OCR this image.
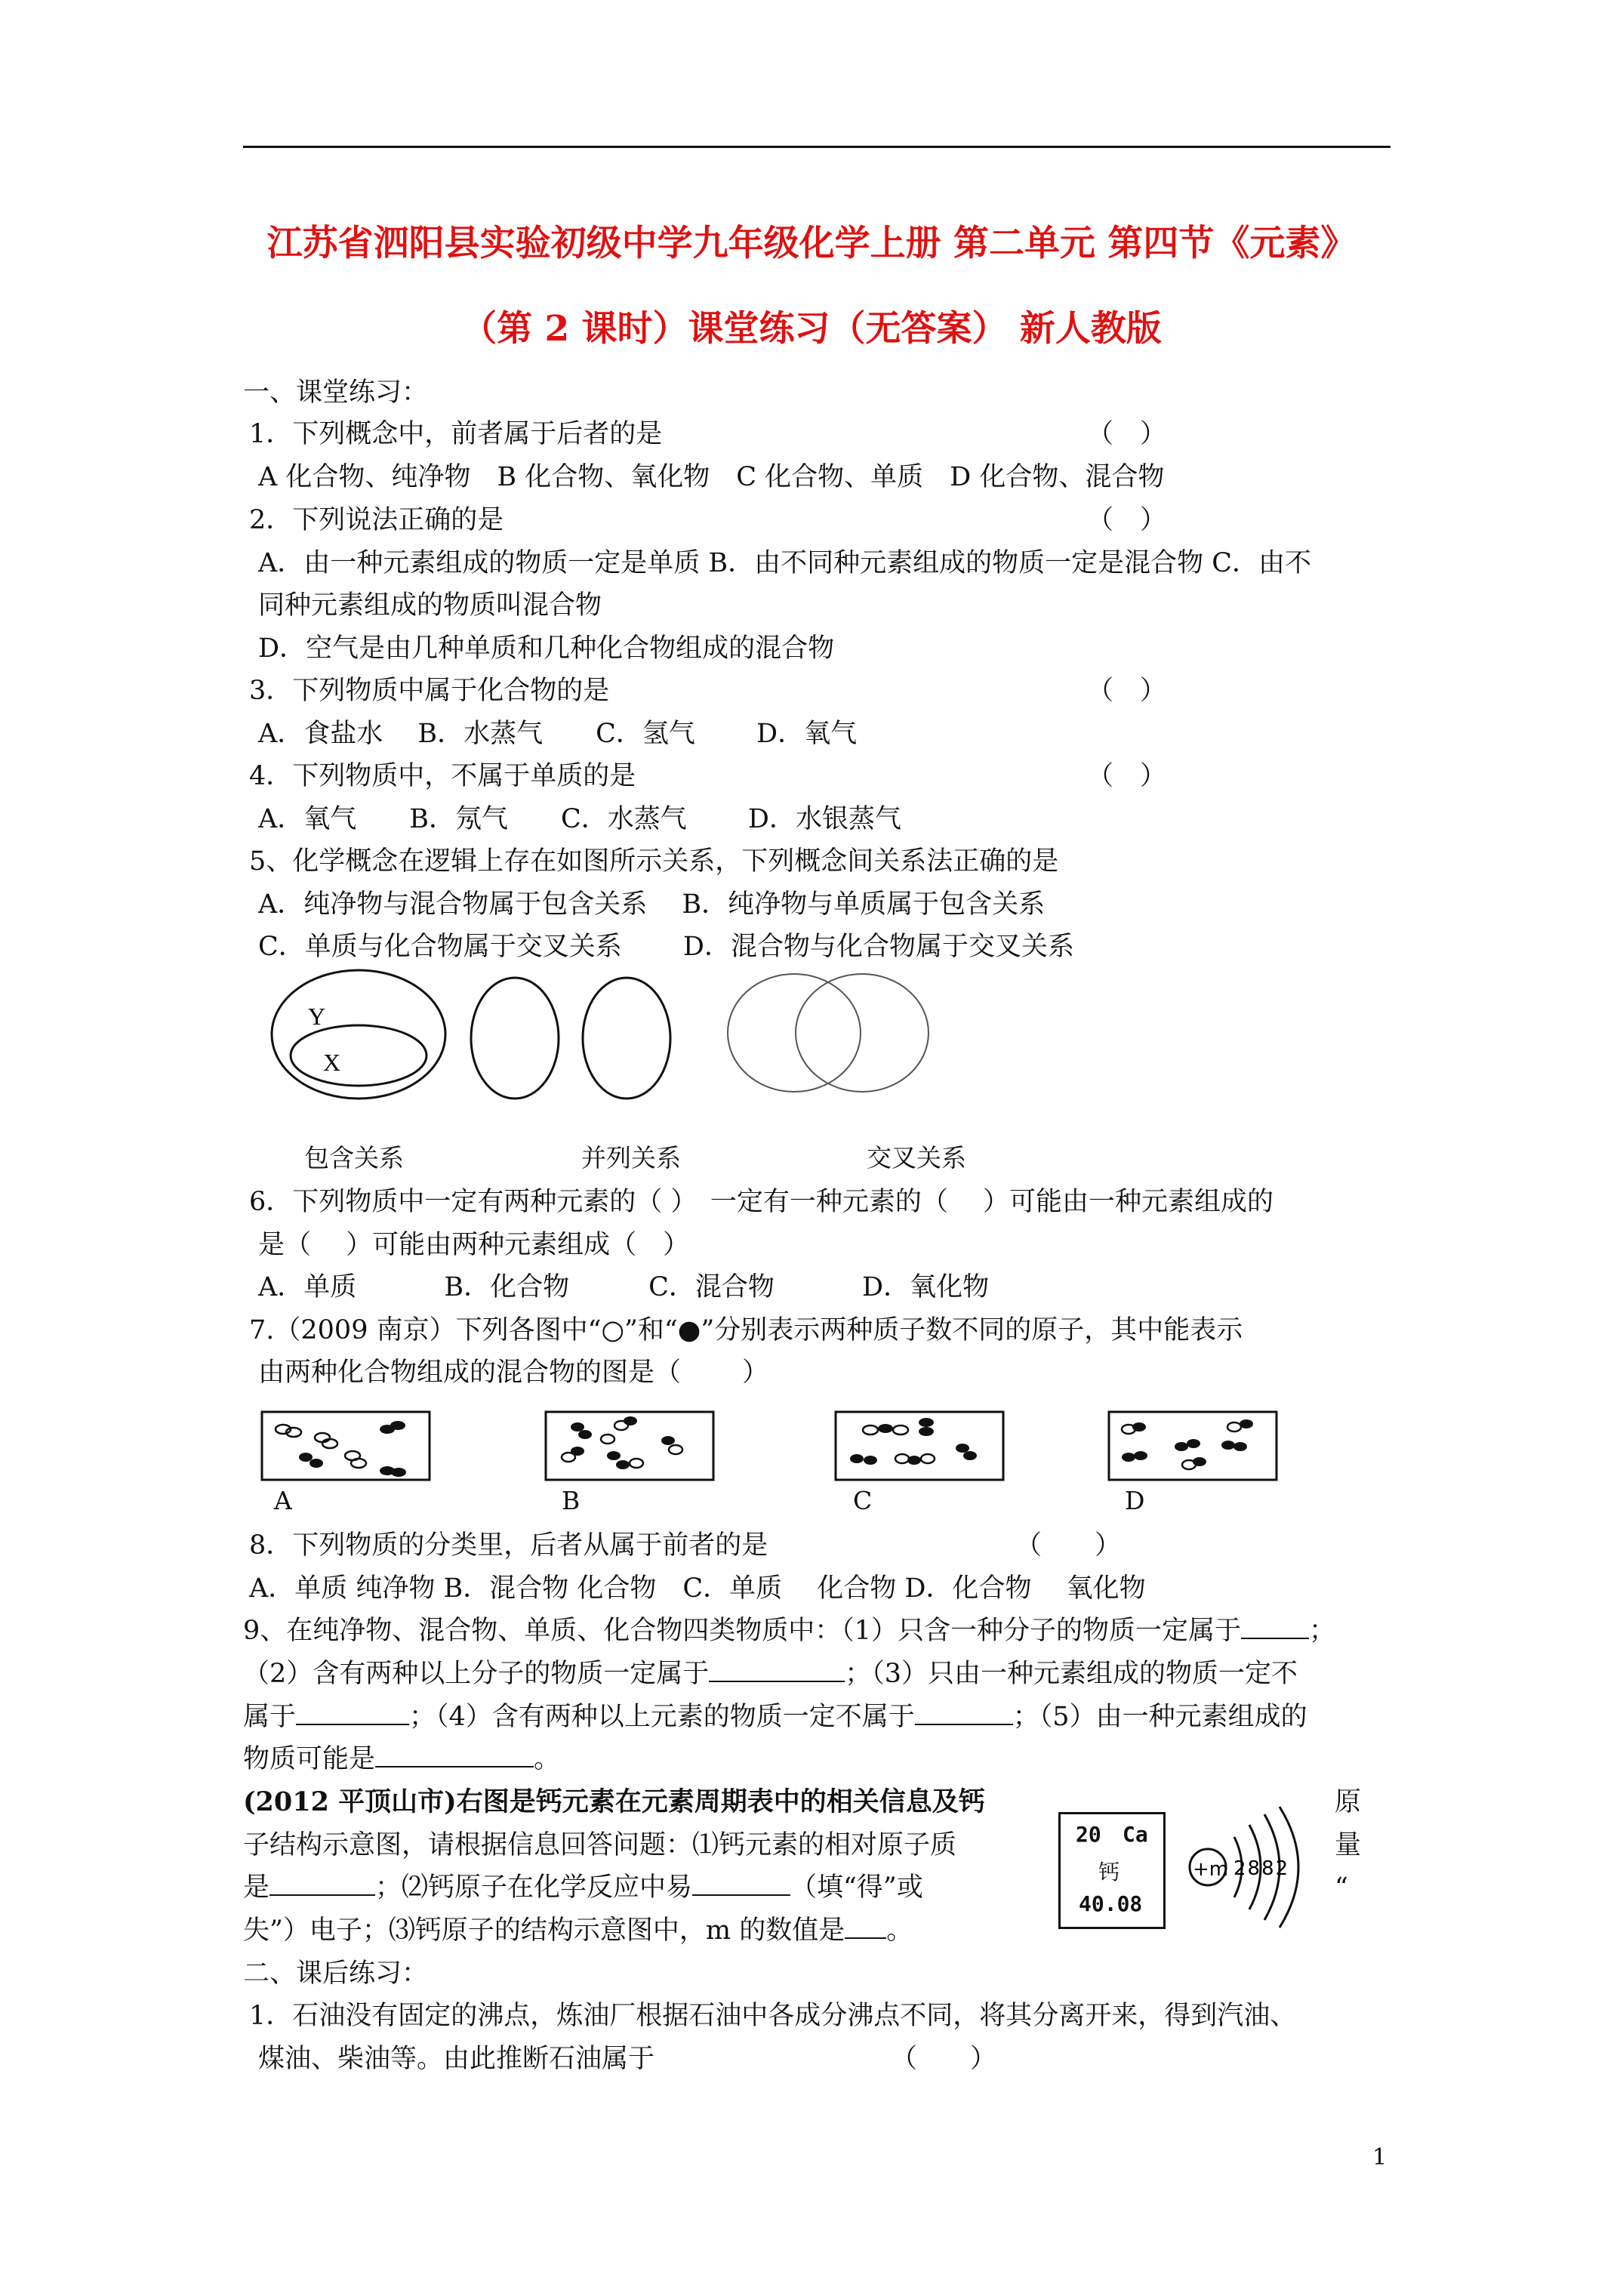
江苏省泗阳县实验初级中学九年级化学上册 第二单元 第四节《元素》
（第 2 课时）课堂练习（无答案） 新人教版
一、课堂练习：
1．下列概念中，前者属于后者的是	（　）
A 化合物、纯净物　B 化合物、氧化物　C 化合物、单质　D 化合物、混合物
2．下列说法正确的是	（　）
A．由一种元素组成的物质一定是单质 B．由不同种元素组成的物质一定是混合物 C．由不
同种元素组成的物质叫混合物
D．空气是由几种单质和几种化合物组成的混合物
3．下列物质中属于化合物的是	（　）
A．食盐水　 B．水蒸气　　C．氢气　　 D．氧气
4．下列物质中，不属于单质的是	（　）
A．氧气　　B．氖气　　C．水蒸气　　 D．水银蒸气
5、化学概念在逻辑上存在如图所示关系，下列概念间关系法正确的是
A．纯净物与混合物属于包含关系　 B．纯净物与单质属于包含关系
C．单质与化合物属于交叉关系　　 D．混合物与化合物属于交叉关系
Y
X
包含关系	并列关系	交叉关系
6．下列物质中一定有两种元素的（ ）　一定有一种元素的（　 ）可能由一种元素组成的
是（　 ）可能由两种元素组成（　）
A．单质　　　 B．化合物　　　C．混合物　　　 D．氧化物
7.（2009 南京）下列各图中“○”和“●”分别表示两种质子数不同的原子，其中能表示
由两种化合物组成的混合物的图是（　　 ）
A	B	C	D
8．下列物质的分类里，后者从属于前者的是	（　　）
A．单质 纯净物 B．混合物 化合物　C．单质　 化合物 D．化合物　 氧化物
9、在纯净物、混合物、单质、化合物四类物质中：（1）只含一种分子的物质一定属于	；
（2）含有两种以上分子的物质一定属于	；（3）只由一种元素组成的物质一定不
属于	；（4）含有两种以上元素的物质一定不属于	；（5）由一种元素组成的
物质可能是	。
(2012 平顶山市)右图是钙元素在元素周期表中的相关信息及钙	原
子结构示意图，请根据信息回答问题：⑴钙元素的相对原子质	量
是	；⑵钙原子在化学反应中易	（填“得”或	“
失”）电子；⑶钙原子的结构示意图中，m 的数值是 。
20 Ca
钙
40.08
+m 2882
二、课后练习：
1．石油没有固定的沸点，炼油厂根据石油中各成分沸点不同，将其分离开来，得到汽油、
煤油、柴油等。由此推断石油属于	（　　）
1
